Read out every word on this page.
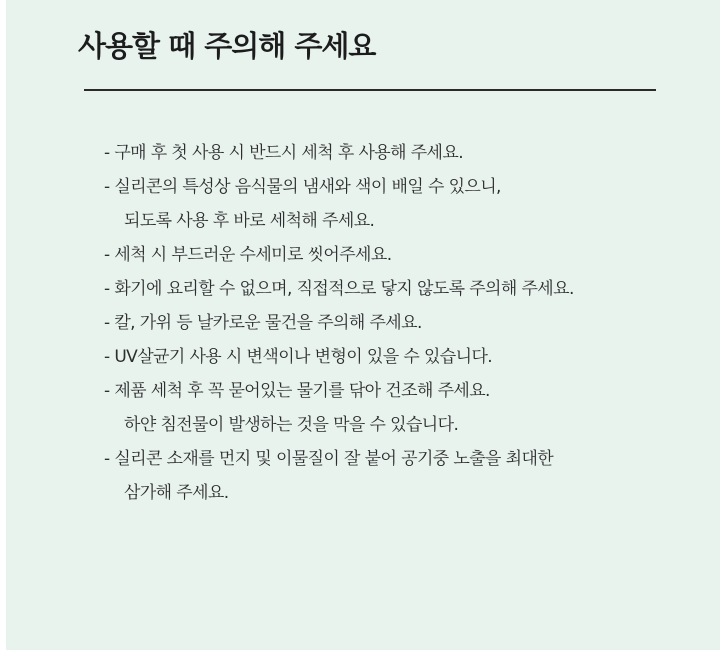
사용할 때 주의해 주세요
- 구매 후 첫 사용 시 반드시 세척 후 사용해 주세요.
- 실리콘의 특성상 음식물의 냄새와 색이 배일 수 있으니,
되도록 사용 후 바로 세척해 주세요.
- 세척 시 부드러운 수세미로 씻어주세요.
- 화기에 요리할 수 없으며, 직접적으로 닿지 않도록 주의해 주세요.
- 칼, 가위 등 날카로운 물건을 주의해 주세요.
- UV살균기 사용 시 변색이나 변형이 있을 수 있습니다.
- 제품 세척 후 꼭 묻어있는 물기를 닦아 건조해 주세요.
하얀 침전물이 발생하는 것을 막을 수 있습니다.
- 실리콘 소재를 먼지 및 이물질이 잘 붙어 공기중 노출을 최대한
삼가해 주세요.
